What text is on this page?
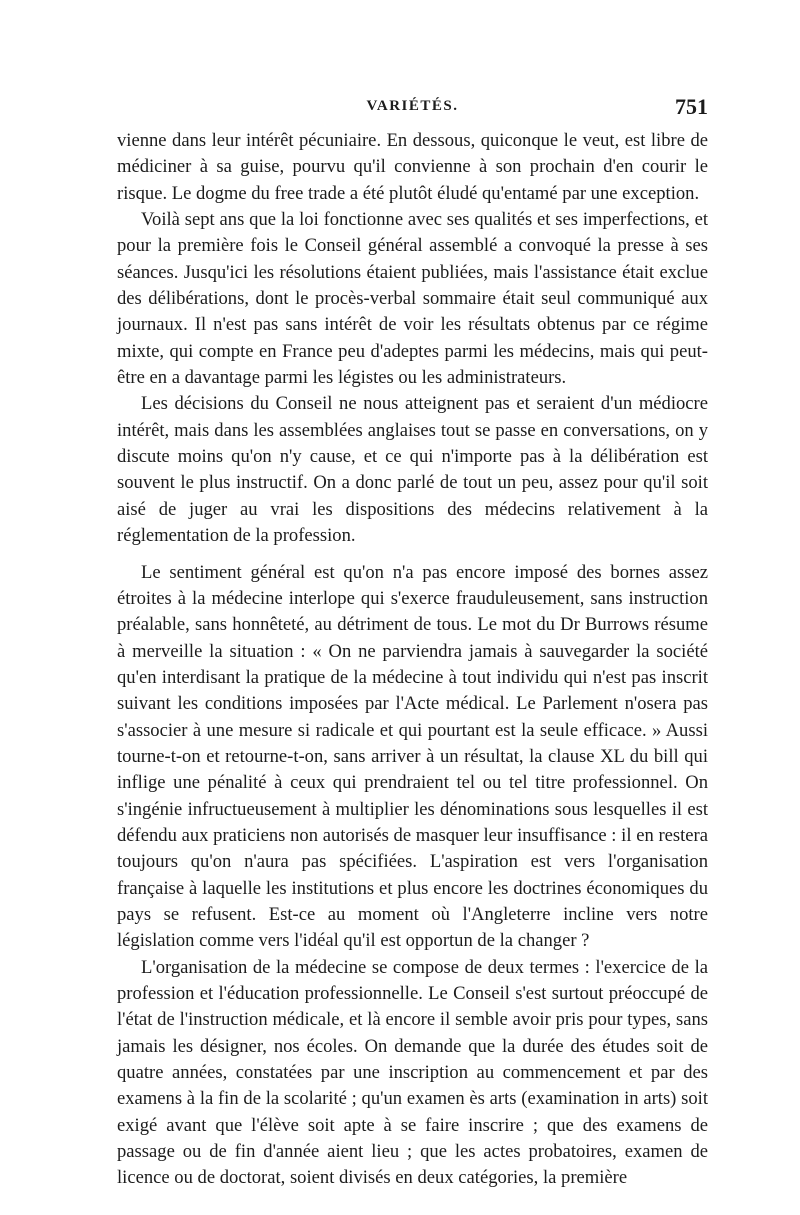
VARIÉTÉS.	751

vienne dans leur intérêt pécuniaire. En dessous, quiconque le veut, est libre de médiciner à sa guise, pourvu qu'il convienne à son prochain d'en courir le risque. Le dogme du free trade a été plutôt éludé qu'entamé par une exception.

Voilà sept ans que la loi fonctionne avec ses qualités et ses imperfections, et pour la première fois le Conseil général assemblé a convoqué la presse à ses séances. Jusqu'ici les résolutions étaient publiées, mais l'assistance était exclue des délibérations, dont le procès-verbal sommaire était seul communiqué aux journaux. Il n'est pas sans intérêt de voir les résultats obtenus par ce régime mixte, qui compte en France peu d'adeptes parmi les médecins, mais qui peut-être en a davantage parmi les légistes ou les administrateurs.

Les décisions du Conseil ne nous atteignent pas et seraient d'un médiocre intérêt, mais dans les assemblées anglaises tout se passe en conversations, on y discute moins qu'on n'y cause, et ce qui n'importe pas à la délibération est souvent le plus instructif. On a donc parlé de tout un peu, assez pour qu'il soit aisé de juger au vrai les dispositions des médecins relativement à la réglementation de la profession.

Le sentiment général est qu'on n'a pas encore imposé des bornes assez étroites à la médecine interlope qui s'exerce frauduleusement, sans instruction préalable, sans honnêteté, au détriment de tous. Le mot du Dr Burrows résume à merveille la situation : « On ne parviendra jamais à sauvegarder la société qu'en interdisant la pratique de la médecine à tout individu qui n'est pas inscrit suivant les conditions imposées par l'Acte médical. Le Parlement n'osera pas s'associer à une mesure si radicale et qui pourtant est la seule efficace. » Aussi tourne-t-on et retourne-t-on, sans arriver à un résultat, la clause XL du bill qui inflige une pénalité à ceux qui prendraient tel ou tel titre professionnel. On s'ingénie infructueusement à multiplier les dénominations sous lesquelles il est défendu aux praticiens non autorisés de masquer leur insuffisance : il en restera toujours qu'on n'aura pas spécifiées. L'aspiration est vers l'organisation française à laquelle les institutions et plus encore les doctrines économiques du pays se refusent. Est-ce au moment où l'Angleterre incline vers notre législation comme vers l'idéal qu'il est opportun de la changer ?

L'organisation de la médecine se compose de deux termes : l'exercice de la profession et l'éducation professionnelle. Le Conseil s'est surtout préoccupé de l'état de l'instruction médicale, et là encore il semble avoir pris pour types, sans jamais les désigner, nos écoles. On demande que la durée des études soit de quatre années, constatées par une inscription au commencement et par des examens à la fin de la scolarité ; qu'un examen ès arts (examination in arts) soit exigé avant que l'élève soit apte à se faire inscrire ; que des examens de passage ou de fin d'année aient lieu ; que les actes probatoires, examen de licence ou de doctorat, soient divisés en deux catégories, la première
